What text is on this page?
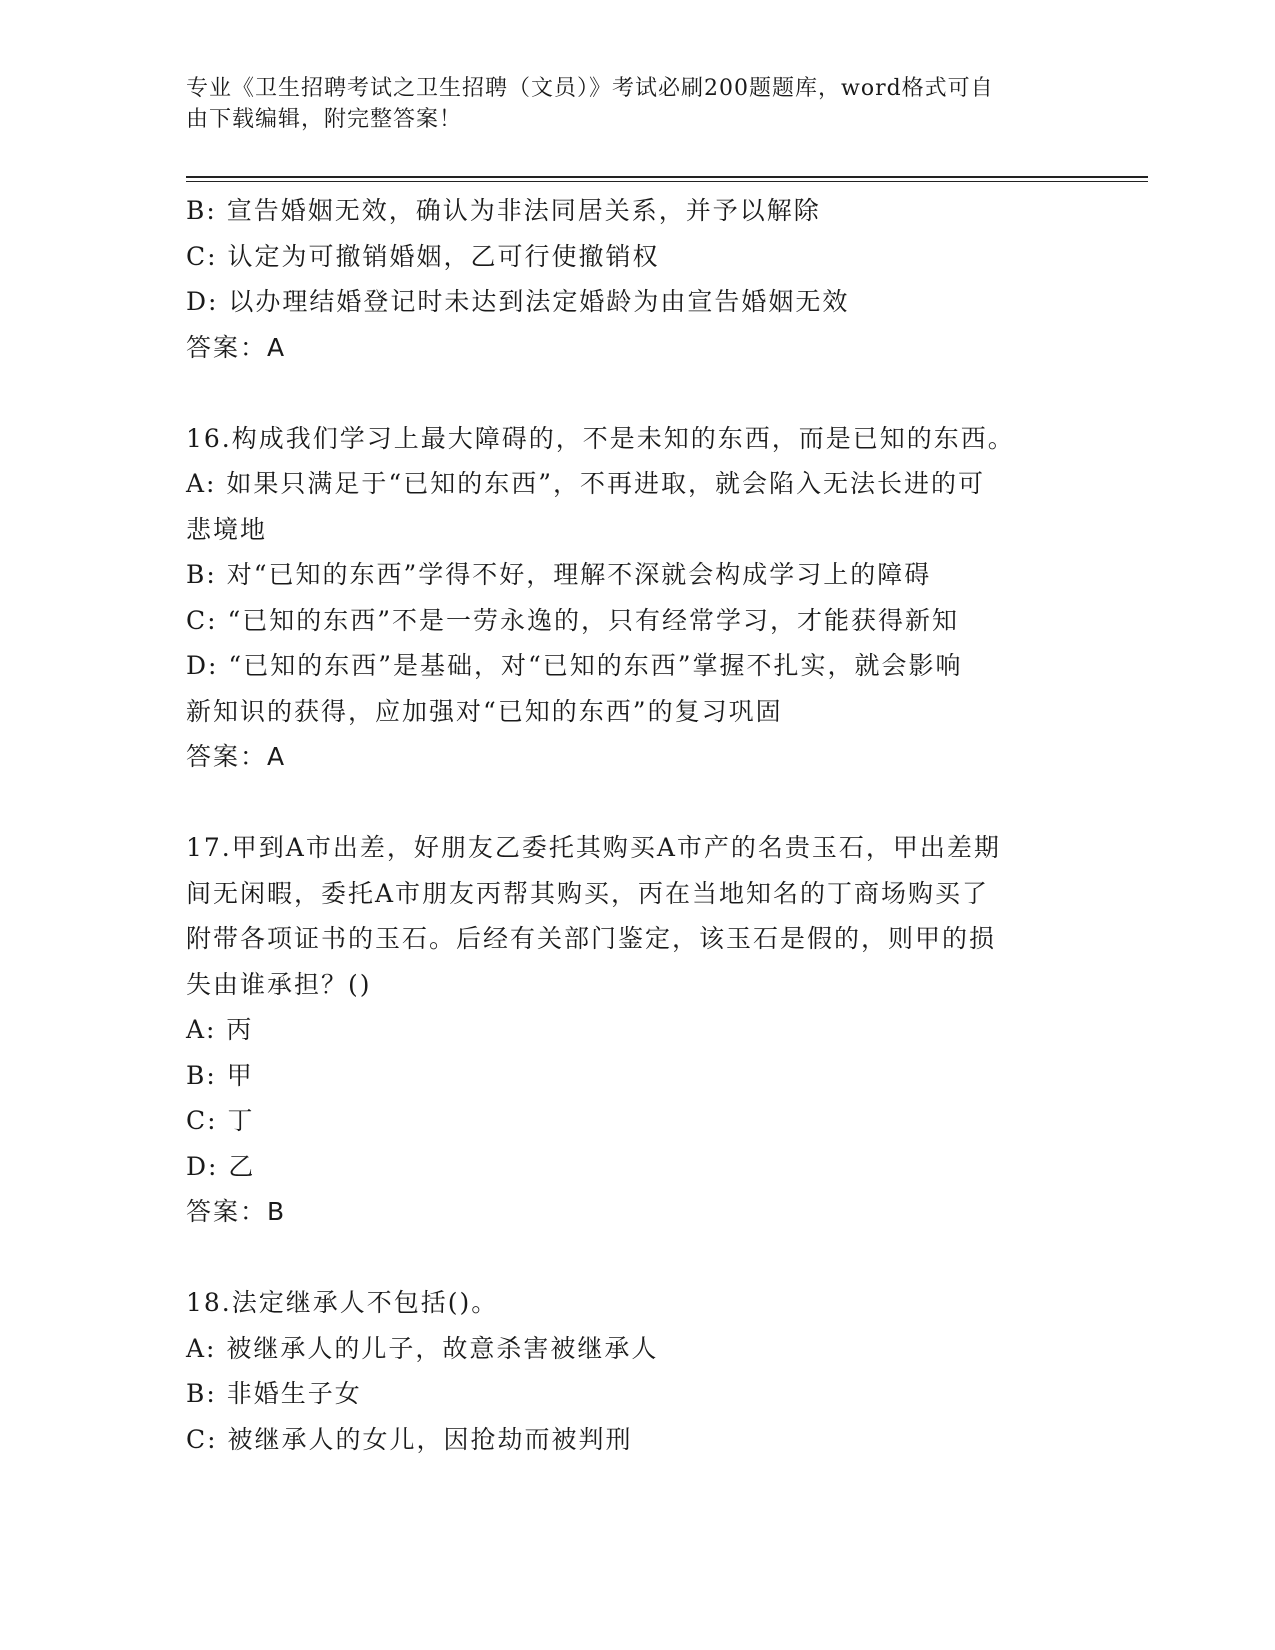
专业《卫生招聘考试之卫生招聘（文员）》考试必刷200题题库，word格式可自
由下载编辑，附完整答案！
B: 宣告婚姻无效，确认为非法同居关系，并予以解除
C: 认定为可撤销婚姻，乙可行使撤销权
D: 以办理结婚登记时未达到法定婚龄为由宣告婚姻无效
答案：A
16.构成我们学习上最大障碍的，不是未知的东西，而是已知的东西。
A: 如果只满足于“已知的东西”，不再进取，就会陷入无法长进的可
悲境地
B: 对“已知的东西”学得不好，理解不深就会构成学习上的障碍
C: “已知的东西”不是一劳永逸的，只有经常学习，才能获得新知
D: “已知的东西”是基础，对“已知的东西”掌握不扎实，就会影响
新知识的获得，应加强对“已知的东西”的复习巩固
答案：A
17.甲到A市出差，好朋友乙委托其购买A市产的名贵玉石，甲出差期
间无闲暇，委托A市朋友丙帮其购买，丙在当地知名的丁商场购买了
附带各项证书的玉石。后经有关部门鉴定，该玉石是假的，则甲的损
失由谁承担？()
A: 丙
B: 甲
C: 丁
D: 乙
答案：B
18.法定继承人不包括()。
A: 被继承人的儿子，故意杀害被继承人
B: 非婚生子女
C: 被继承人的女儿，因抢劫而被判刑
